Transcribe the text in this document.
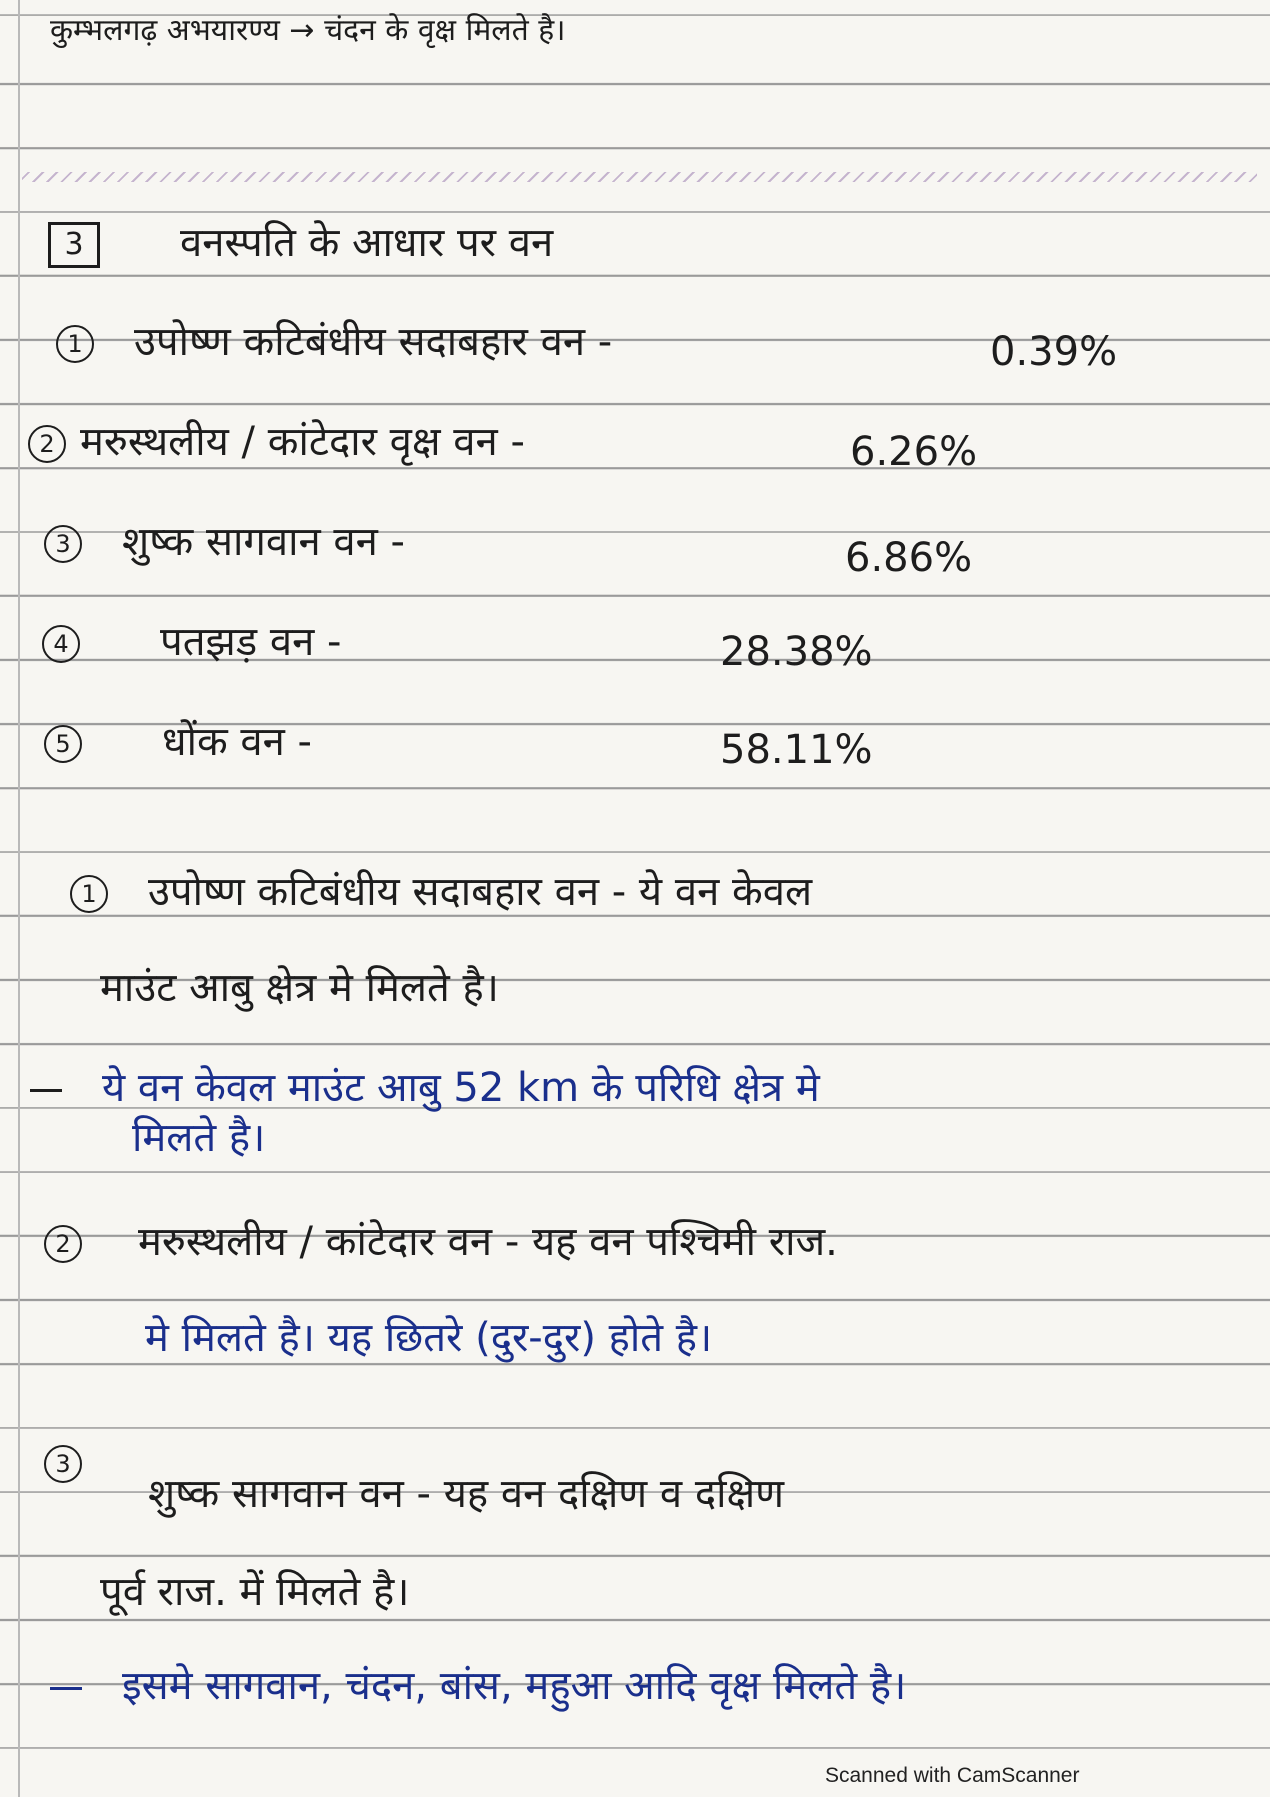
कुम्भलगढ़ अभयारण्य → चंदन के वृक्ष मिलते है।
3 वनस्पति के आधार पर वन
1 उपोष्ण कटिबंधीय सदाबहार वन -	0.39%
2 मरुस्थलीय / कांटेदार वृक्ष वन -	6.26%
3 शुष्क सागवान वन -	6.86%
4 पतझड़ वन -	28.38%
5 धोंक वन -	58.11%
1 उपोष्ण कटिबंधीय सदाबहार वन - ये वन केवल
माउंट आबु क्षेत्र मे मिलते है।
ये वन केवल माउंट आबु 52 km के परिधि क्षेत्र मे
मिलते है।
2 मरुस्थलीय / कांटेदार वन - यह वन पश्चिमी राज.
मे मिलते है। यह छितरे (दुर-दुर) होते है।
3
शुष्क सागवान वन - यह वन दक्षिण व दक्षिण
पूर्व राज. में मिलते है।
इसमे सागवान, चंदन, बांस, महुआ आदि वृक्ष मिलते है।
Scanned with CamScanner
